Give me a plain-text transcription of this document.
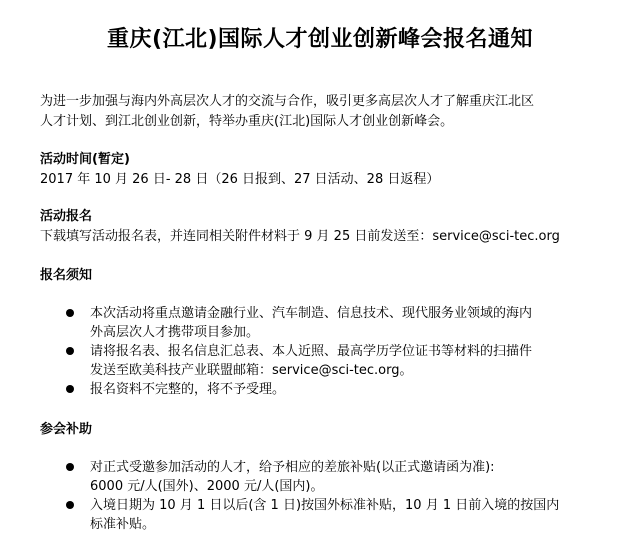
重庆(江北)国际人才创业创新峰会报名通知
为进一步加强与海内外高层次人才的交流与合作，吸引更多高层次人才了解重庆江北区
人才计划、到江北创业创新，特举办重庆(江北)国际人才创业创新峰会。
活动时间(暂定)
2017 年 10 月 26 日- 28 日（26 日报到、27 日活动、28 日返程）
活动报名
下载填写活动报名表，并连同相关附件材料于 9 月 25 日前发送至：service@sci-tec.org
报名须知
本次活动将重点邀请金融行业、汽车制造、信息技术、现代服务业领域的海内
外高层次人才携带项目参加。
请将报名表、报名信息汇总表、本人近照、最高学历学位证书等材料的扫描件
发送至欧美科技产业联盟邮箱：service@sci-tec.org。
报名资料不完整的，将不予受理。
参会补助
对正式受邀参加活动的人才，给予相应的差旅补贴(以正式邀请函为准):
6000 元/人(国外)、2000 元/人(国内)。
入境日期为 10 月 1 日以后(含 1 日)按国外标准补贴，10 月 1 日前入境的按国内
标准补贴。
